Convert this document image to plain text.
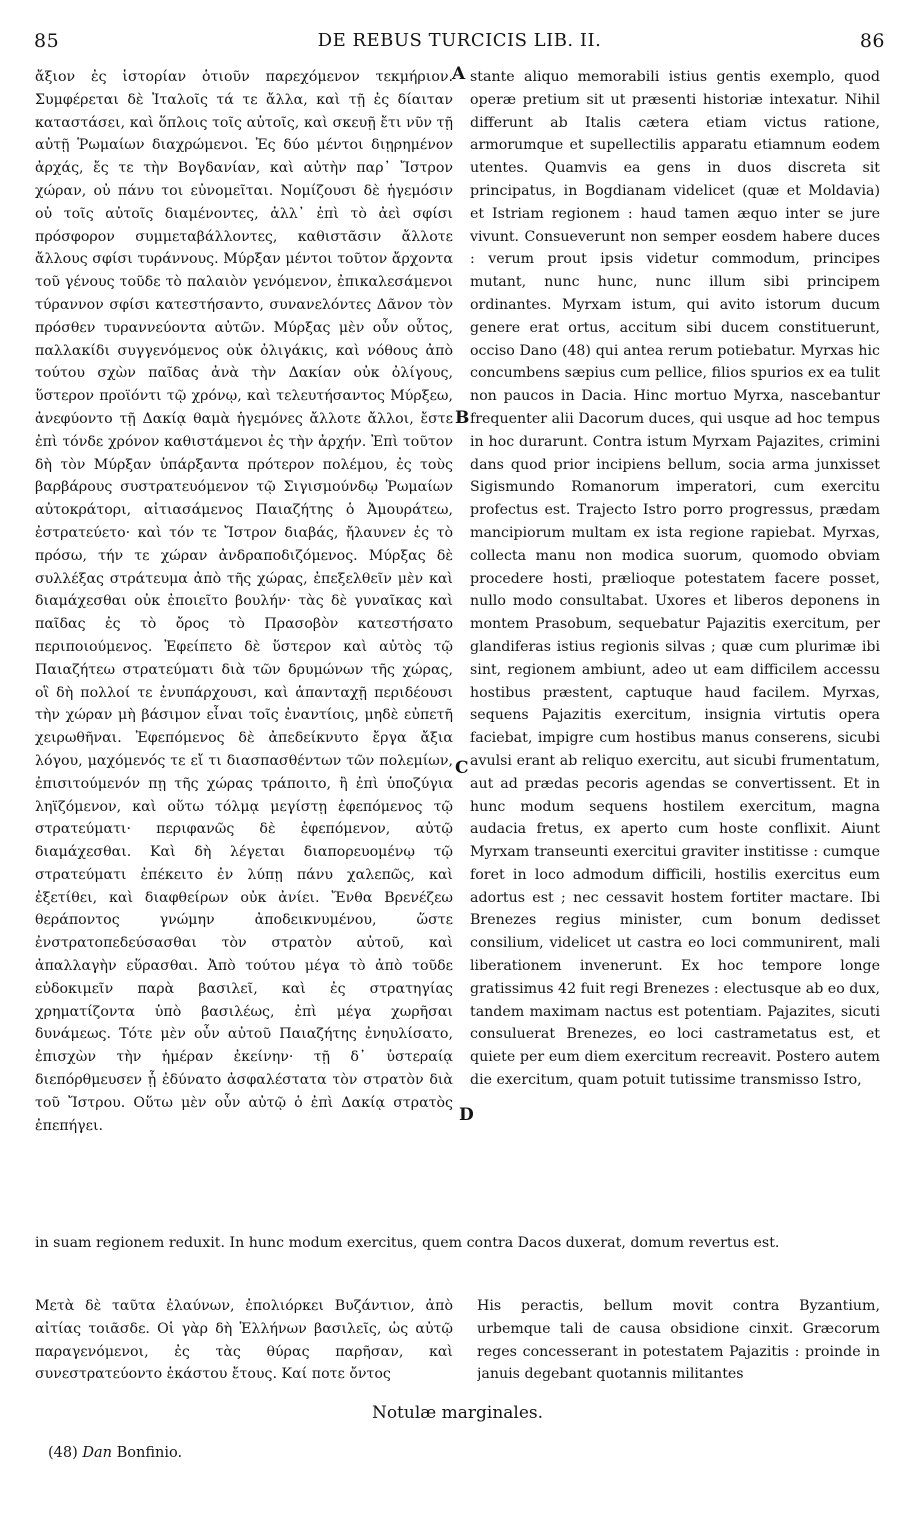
85	DE REBUS TURCICIS LIB. II.	86

ἄξιον ἐς ἱστορίαν ὁτιοῦν παρεχόμενον τεκμήριον. Συμφέρεται δὲ Ἰταλοῖς τά τε ἄλλα, καὶ τῇ ἐς δίαιταν καταστάσει, καὶ ὅπλοις τοῖς αὐτοῖς, καὶ σκευῇ ἔτι νῦν τῇ αὐτῇ Ῥωμαίων διαχρώμενοι. Ἐς δύο μέντοι διῃρημένον ἀρχάς, ἔς τε τὴν Βογδανίαν, καὶ αὐτὴν παρ᾽ Ἴστρον χώραν, οὐ πάνυ τοι εὐνομεῖται. Νομίζουσι δὲ ἡγεμόσιν οὐ τοῖς αὐτοῖς διαμένοντες, ἀλλ᾽ ἐπὶ τὸ ἀεὶ σφίσι πρόσφορον συμμεταβάλλοντες, καθιστᾶσιν ἄλλοτε ἄλλους σφίσι τυράννους. Μύρξαν μέντοι τοῦτον ἄρχοντα τοῦ γένους τοῦδε τὸ παλαιὸν γενόμενον, ἐπικαλεσάμενοι τύραννον σφίσι κατεστήσαντο, συνανελόντες Δᾶνον τὸν πρόσθεν τυραννεύοντα αὐτῶν. Μύρξας μὲν οὖν οὗτος, παλλακίδι συγγενόμενος οὐκ ὀλιγάκις, καὶ νόθους ἀπὸ τούτου σχὼν παῖδας ἀνὰ τὴν Δακίαν οὐκ ὀλίγους, ὕστερον προϊόντι τῷ χρόνῳ, καὶ τελευτήσαντος Μύρξεω, ἀνεφύοντο τῇ Δακίᾳ θαμὰ ἡγεμόνες ἄλλοτε ἄλλοι, ἔστε ἐπὶ τόνδε χρόνον καθιστάμενοι ἐς τὴν ἀρχήν. Ἐπὶ τοῦτον δὴ τὸν Μύρξαν ὑπάρξαντα πρότερον πολέμου, ἐς τοὺς βαρβάρους συστρατευόμενον τῷ Σιγισμούνδῳ Ῥωμαίων αὐτοκράτορι, αἰτιασάμενος Παιαζήτης ὁ Ἀμουράτεω, ἐστρατεύετο· καὶ τόν τε Ἴστρον διαβάς, ἤλαυνεν ἐς τὸ πρόσω, τήν τε χώραν ἀνδραποδιζόμενος. Μύρξας δὲ συλλέξας στράτευμα ἀπὸ τῆς χώρας, ἐπεξελθεῖν μὲν καὶ διαμάχεσθαι οὐκ ἐποιεῖτο βουλήν· τὰς δὲ γυναῖκας καὶ παῖδας ἐς τὸ ὄρος τὸ Πρασοβὸν κατεστήσατο περιποιούμενος. Ἐφείπετο δὲ ὕστερον καὶ αὐτὸς τῷ Παιαζήτεω στρατεύματι διὰ τῶν δρυμώνων τῆς χώρας, οἳ δὴ πολλοί τε ἐνυπάρχουσι, καὶ ἁπανταχῇ περιδέουσι τὴν χώραν μὴ βάσιμον εἶναι τοῖς ἐναντίοις, μηδὲ εὐπετῆ χειρωθῆναι. Ἐφεπόμενος δὲ ἀπεδείκνυτο ἔργα ἄξια λόγου, μαχόμενός τε εἴ τι διασπασθέντων τῶν πολεμίων, ἐπισιτούμενόν πῃ τῆς χώρας τράποιτο, ἢ ἐπὶ ὑποζύγια ληϊζόμενον, καὶ οὕτω τόλμᾳ μεγίστῃ ἐφεπόμενος τῷ στρατεύματι· περιφανῶς δὲ ἐφεπόμενον, αὐτῷ διαμάχεσθαι. Καὶ δὴ λέγεται διαπορευομένῳ τῷ στρατεύματι ἐπέκειτο ἐν λύπῃ πάνυ χαλεπῶς, καὶ ἐξετίθει, καὶ διαφθείρων οὐκ ἀνίει. Ἔνθα Βρενέζεω θεράποντος γνώμην ἀποδεικνυμένου, ὥστε ἐνστρατοπεδεύσασθαι τὸν στρατὸν αὐτοῦ, καὶ ἀπαλλαγὴν εὕρασθαι. Ἀπὸ τούτου μέγα τὸ ἀπὸ τοῦδε εὐδοκιμεῖν παρὰ βασιλεῖ, καὶ ἐς στρατηγίας χρηματίζοντα ὑπὸ βασιλέως, ἐπὶ μέγα χωρῆσαι δυνάμεως. Τότε μὲν οὖν αὐτοῦ Παιαζήτης ἐνηυλίσατο, ἐπισχὼν τὴν ἡμέραν ἐκείνην· τῇ δ᾽ ὑστεραίᾳ διεπόρθμευσεν ᾗ ἐδύνατο ἀσφαλέστατα τὸν στρατὸν διὰ τοῦ Ἴστρου. Οὕτω μὲν οὖν αὐτῷ ὁ ἐπὶ Δακίᾳ στρατὸς ἐπεπήγει.

stante aliquo memorabili istius gentis exemplo, quod operæ pretium sit ut præsenti historiæ intexatur. Nihil differunt ab Italis cætera etiam victus ratione, armorumque et supellectilis apparatu etiamnum eodem utentes. Quamvis ea gens in duos discreta sit principatus, in Bogdianam videlicet (quæ et Moldavia) et Istriam regionem : haud tamen æquo inter se jure vivunt. Consueverunt non semper eosdem habere duces : verum prout ipsis videtur commodum, principes mutant, nunc hunc, nunc illum sibi principem ordinantes. Myrxam istum, qui avito istorum ducum genere erat ortus, accitum sibi ducem constituerunt, occiso Dano (48) qui antea rerum potiebatur. Myrxas hic concumbens sæpius cum pellice, filios spurios ex ea tulit non paucos in Dacia. Hinc mortuo Myrxa, nascebantur frequenter alii Dacorum duces, qui usque ad hoc tempus in hoc durarunt. Contra istum Myrxam Pajazites, crimini dans quod prior incipiens bellum, socia arma junxisset Sigismundo Romanorum imperatori, cum exercitu profectus est. Trajecto Istro porro progressus, prædam mancipiorum multam ex ista regione rapiebat. Myrxas, collecta manu non modica suorum, quomodo obviam procedere hosti, prælioque potestatem facere posset, nullo modo consultabat. Uxores et liberos deponens in montem Prasobum, sequebatur Pajazitis exercitum, per glandiferas istius regionis silvas ; quæ cum plurimæ ibi sint, regionem ambiunt, adeo ut eam difficilem accessu hostibus præstent, captuque haud facilem. Myrxas, sequens Pajazitis exercitum, insignia virtutis opera faciebat, impigre cum hostibus manus conserens, sicubi avulsi erant ab reliquo exercitu, aut sicubi frumentatum, aut ad prædas pecoris agendas se convertissent. Et in hunc modum sequens hostilem exercitum, magna audacia fretus, ex aperto cum hoste conflixit. Aiunt Myrxam transeunti exercitui graviter institisse : cumque foret in loco admodum difficili, hostilis exercitus eum adortus est ; nec cessavit hostem fortiter mactare. Ibi Brenezes regius minister, cum bonum dedisset consilium, videlicet ut castra eo loci communirent, mali liberationem invenerunt. Ex hoc tempore longe gratissimus 42 fuit regi Brenezes : electusque ab eo dux, tandem maximam nactus est potentiam. Pajazites, sicuti consuluerat Brenezes, eo loci castrametatus est, et quiete per eum diem exercitum recreavit. Postero autem die exercitum, quam potuit tutissime transmisso Istro,

A
B
C
D

in suam regionem reduxit. In hunc modum exercitus, quem contra Dacos duxerat, domum revertus est.

Μετὰ δὲ ταῦτα ἐλαύνων, ἐπολιόρκει Βυζάντιον, ἀπὸ αἰτίας τοιᾶσδε. Οἱ γὰρ δὴ Ἑλλήνων βασιλεῖς, ὡς αὐτῷ παραγενόμενοι, ἐς τὰς θύρας παρῆσαν, καὶ συνεστρατεύοντο ἑκάστου ἔτους. Καί ποτε ὄντος

His peractis, bellum movit contra Byzantium, urbemque tali de causa obsidione cinxit. Græcorum reges concesserant in potestatem Pajazitis : proinde in januis degebant quotannis militantes

Notulæ marginales.
(48) Dan Bonfinio.
